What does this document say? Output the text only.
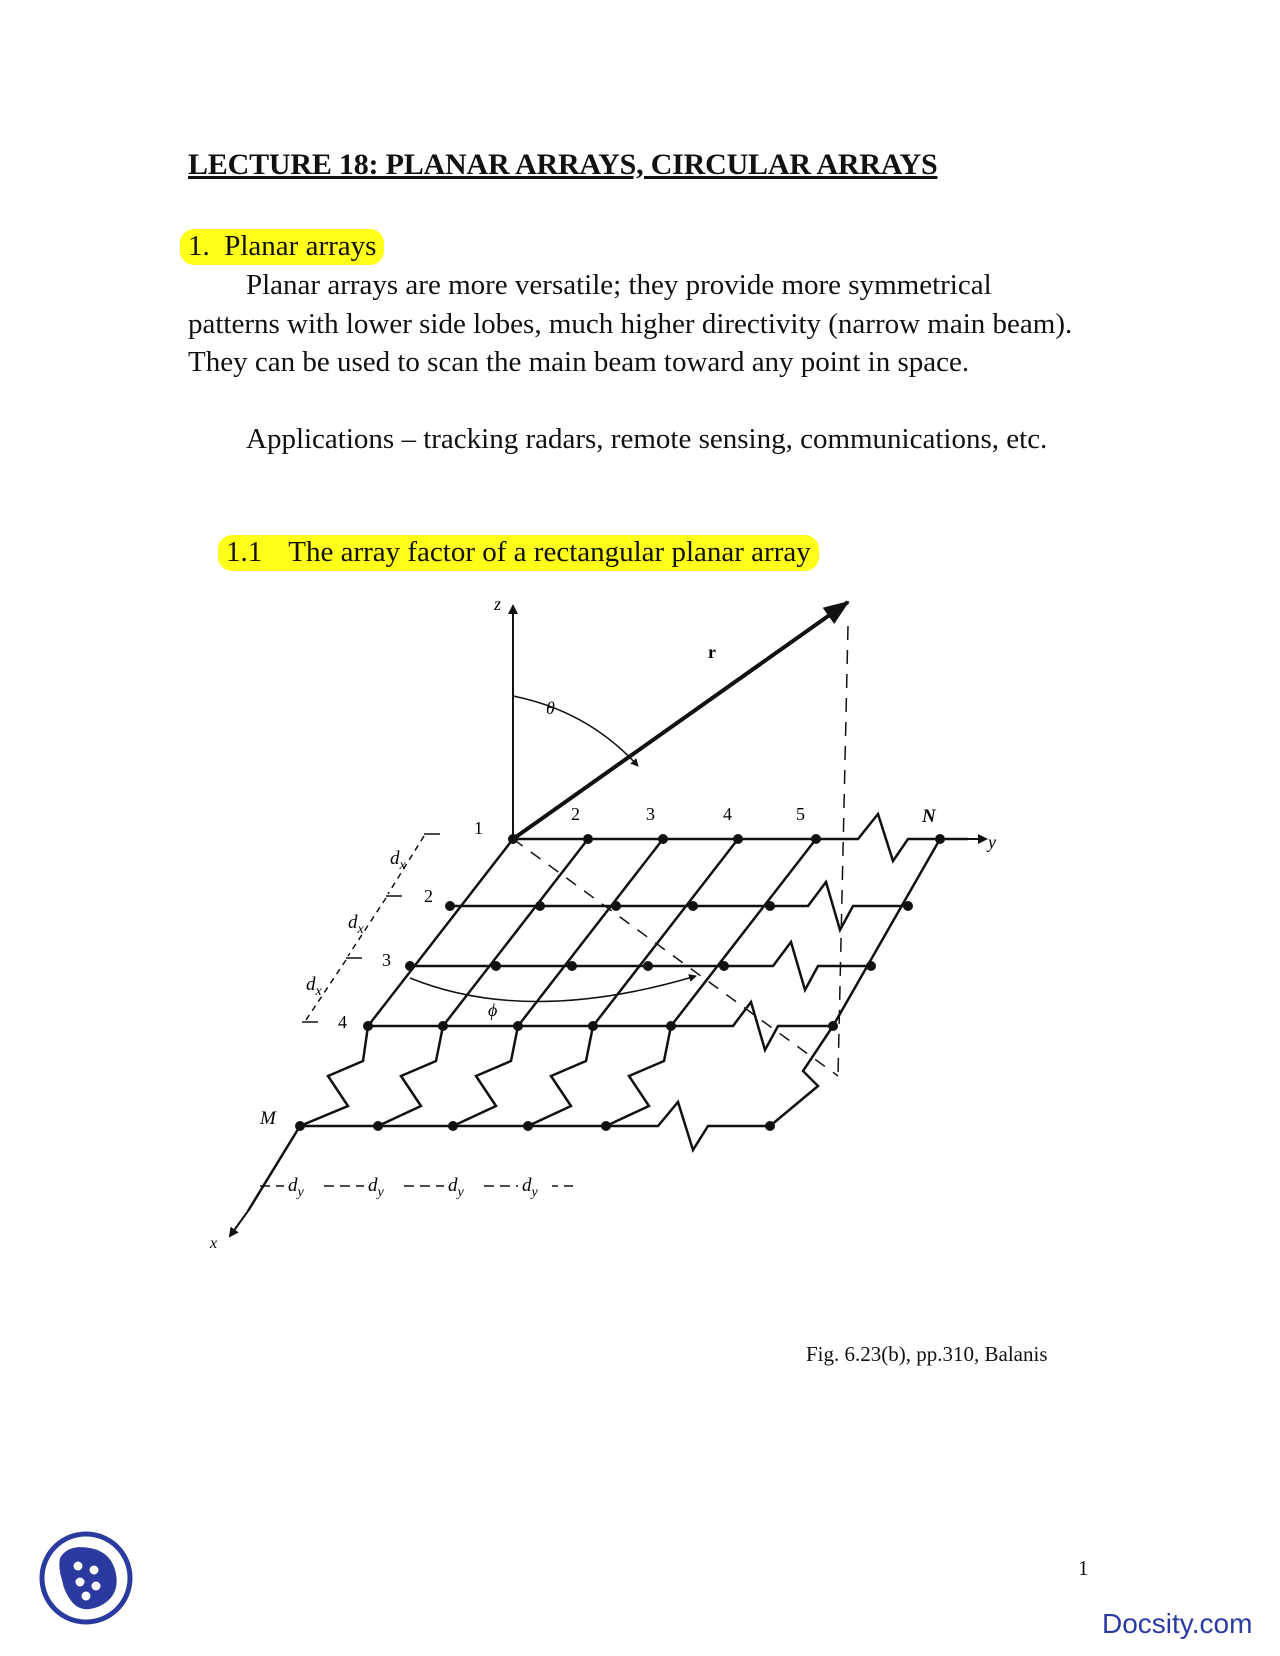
LECTURE 18: PLANAR ARRAYS, CIRCULAR ARRAYS
1. Planar arrays
Planar arrays are more versatile; they provide more symmetrical patterns with lower side lobes, much higher directivity (narrow main beam). They can be used to scan the main beam toward any point in space.
Applications – tracking radars, remote sensing, communications, etc.
1.1 The array factor of a rectangular planar array
z
r
θ
y
x
ϕ
1
2	3	4	5	N
2
3
4
M
$d_x$
$d_x$
$d_x$
$d_y$	$d_y$	$d_y$	$d_y$
Fig. 6.23(b), pp.310, Balanis
1
Docsity.com
